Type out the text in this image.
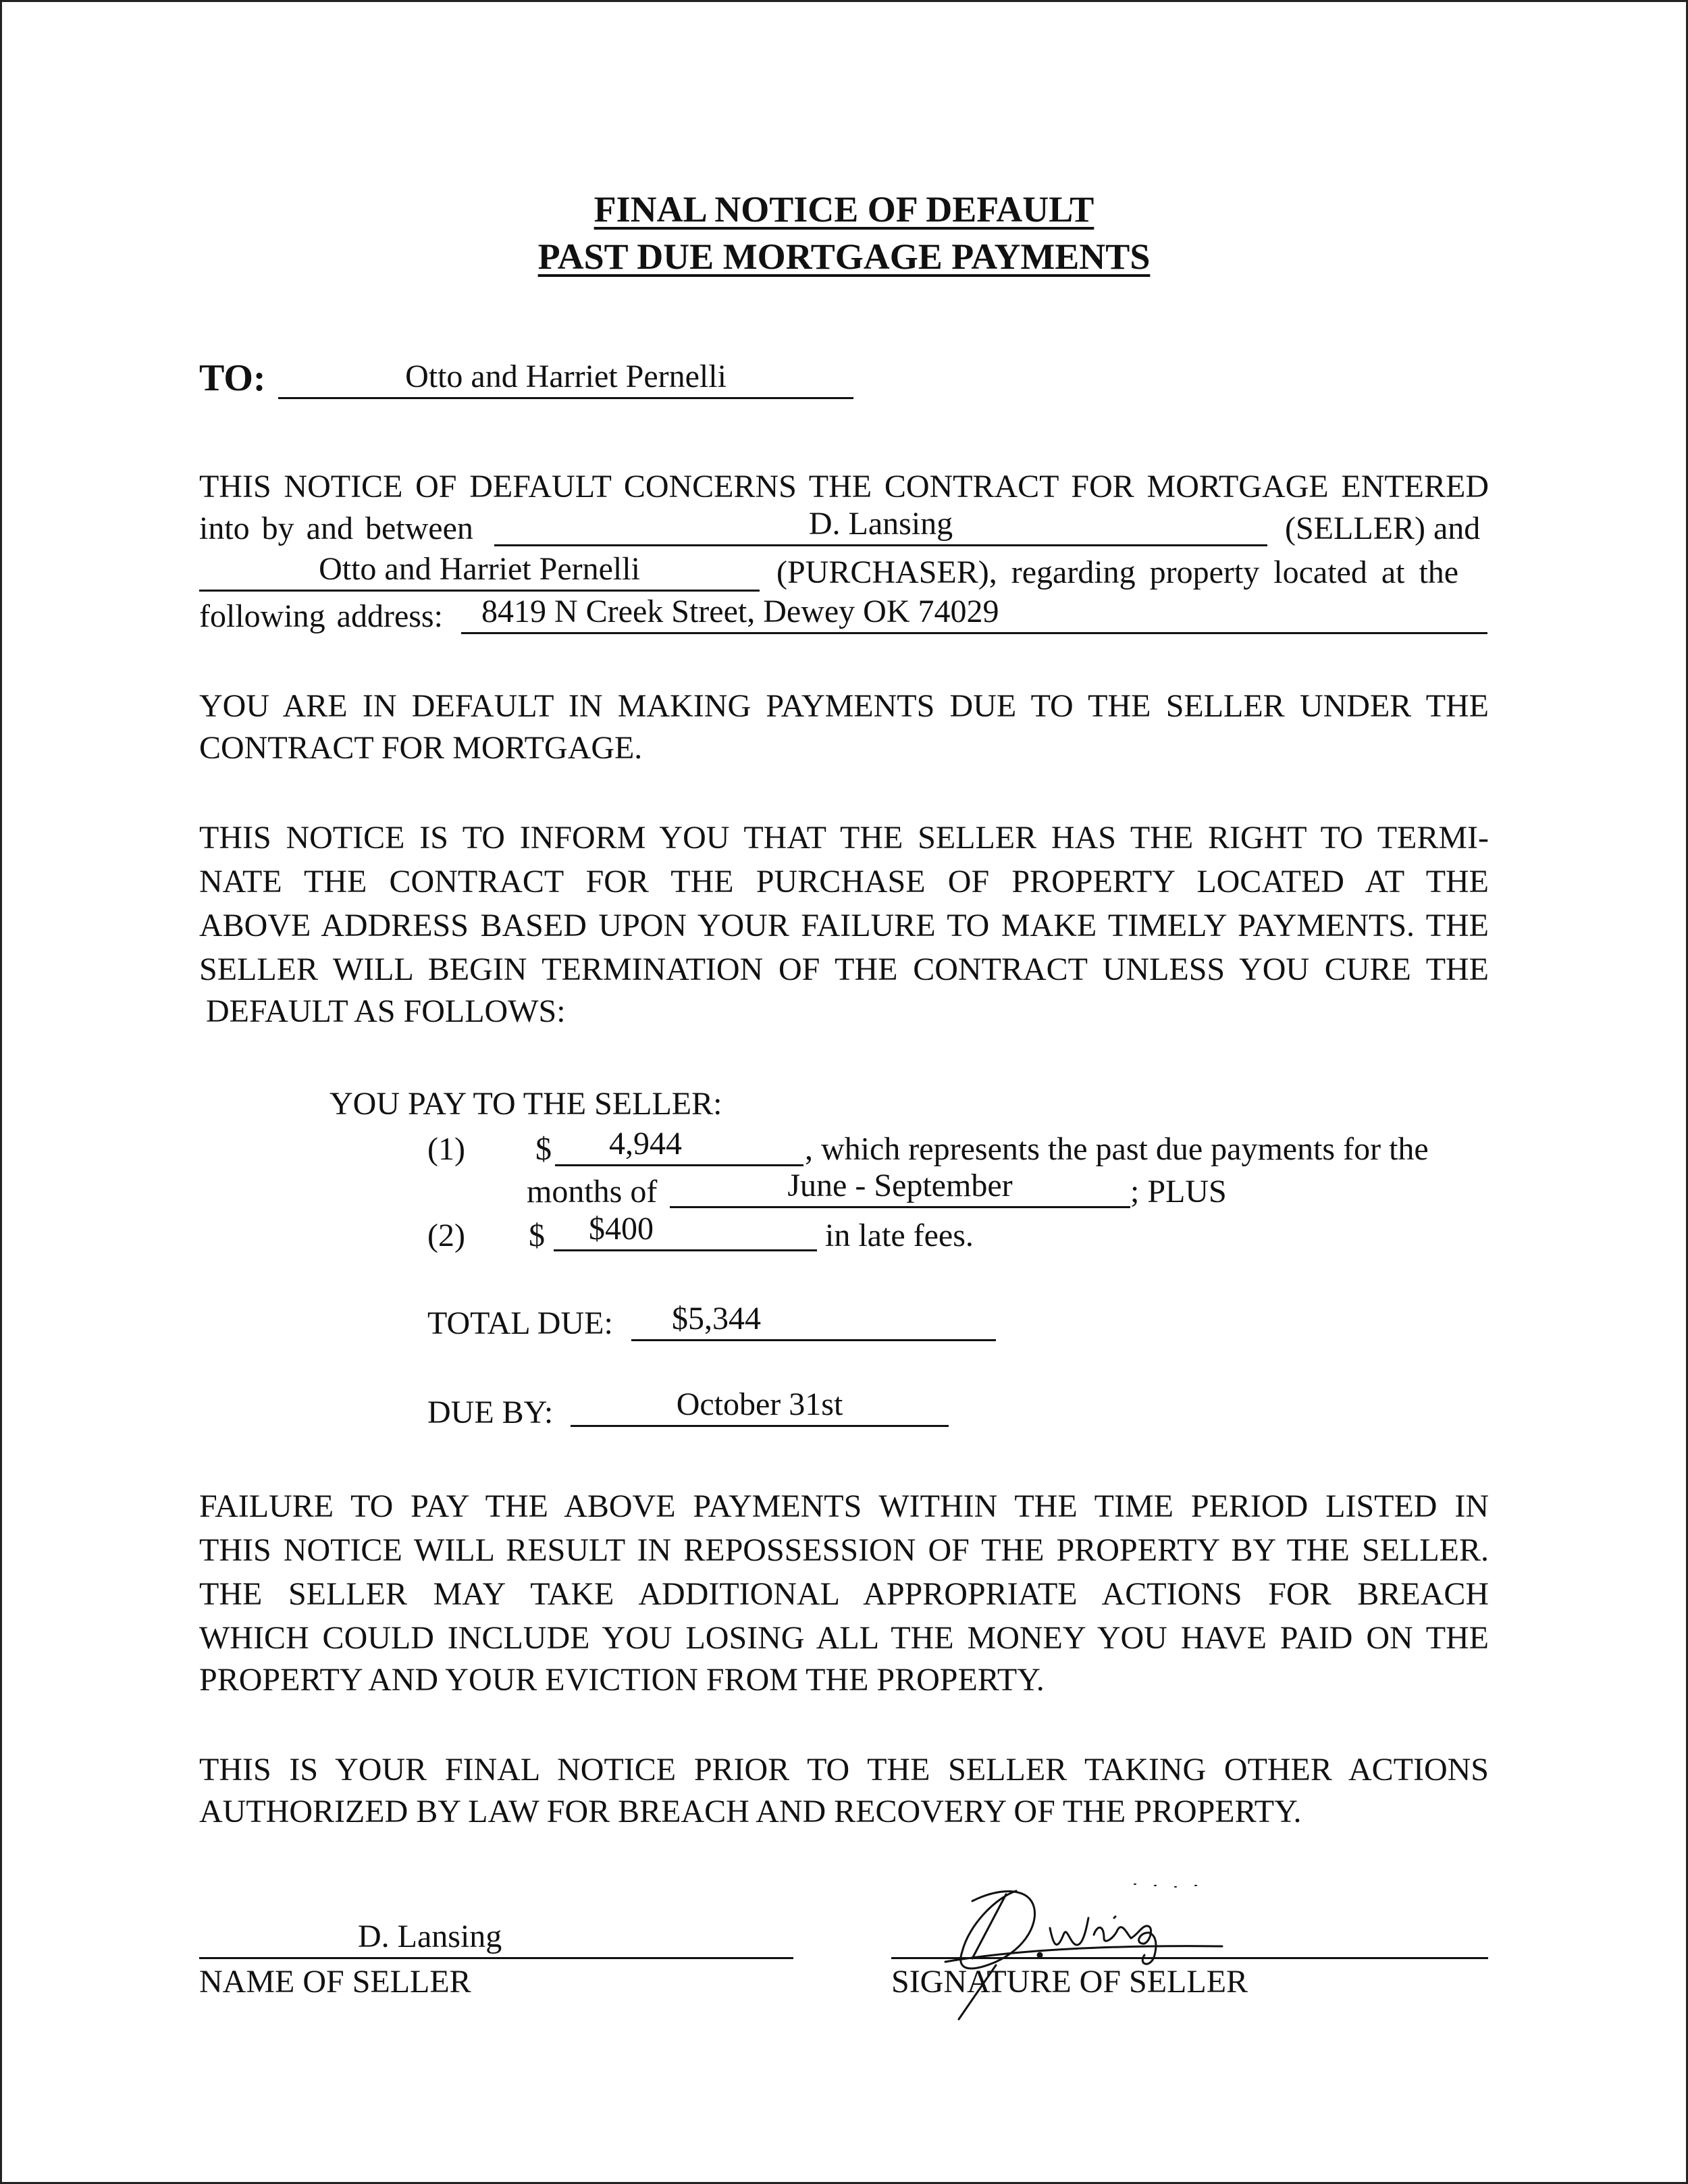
FINAL NOTICE OF DEFAULT
PAST DUE MORTGAGE PAYMENTS
TO:	Otto and Harriet Pernelli
THIS NOTICE OF DEFAULT CONCERNS THE CONTRACT FOR MORTGAGE ENTERED
into by and between	D. Lansing	(SELLER) and
Otto and Harriet Pernelli	(PURCHASER), regarding property located at the
following address:	8419 N Creek Street, Dewey OK 74029
YOU ARE IN DEFAULT IN MAKING PAYMENTS DUE TO THE SELLER UNDER THE
CONTRACT FOR MORTGAGE.
THIS NOTICE IS TO INFORM YOU THAT THE SELLER HAS THE RIGHT TO TERMI-
NATE THE CONTRACT FOR THE PURCHASE OF PROPERTY LOCATED AT THE
ABOVE ADDRESS BASED UPON YOUR FAILURE TO MAKE TIMELY PAYMENTS. THE
SELLER WILL BEGIN TERMINATION OF THE CONTRACT UNLESS YOU CURE THE
DEFAULT AS FOLLOWS:
YOU PAY TO THE SELLER:
(1) $	4,944	, which represents the past due payments for the
months of	June - September	; PLUS
(2) $	$400	in late fees.
TOTAL DUE:	$5,344
DUE BY:	October 31st
FAILURE TO PAY THE ABOVE PAYMENTS WITHIN THE TIME PERIOD LISTED IN
THIS NOTICE WILL RESULT IN REPOSSESSION OF THE PROPERTY BY THE SELLER.
THE SELLER MAY TAKE ADDITIONAL APPROPRIATE ACTIONS FOR BREACH
WHICH COULD INCLUDE YOU LOSING ALL THE MONEY YOU HAVE PAID ON THE
PROPERTY AND YOUR EVICTION FROM THE PROPERTY.
THIS IS YOUR FINAL NOTICE PRIOR TO THE SELLER TAKING OTHER ACTIONS
AUTHORIZED BY LAW FOR BREACH AND RECOVERY OF THE PROPERTY.
D. Lansing
NAME OF SELLER	SIGNATURE OF SELLER
